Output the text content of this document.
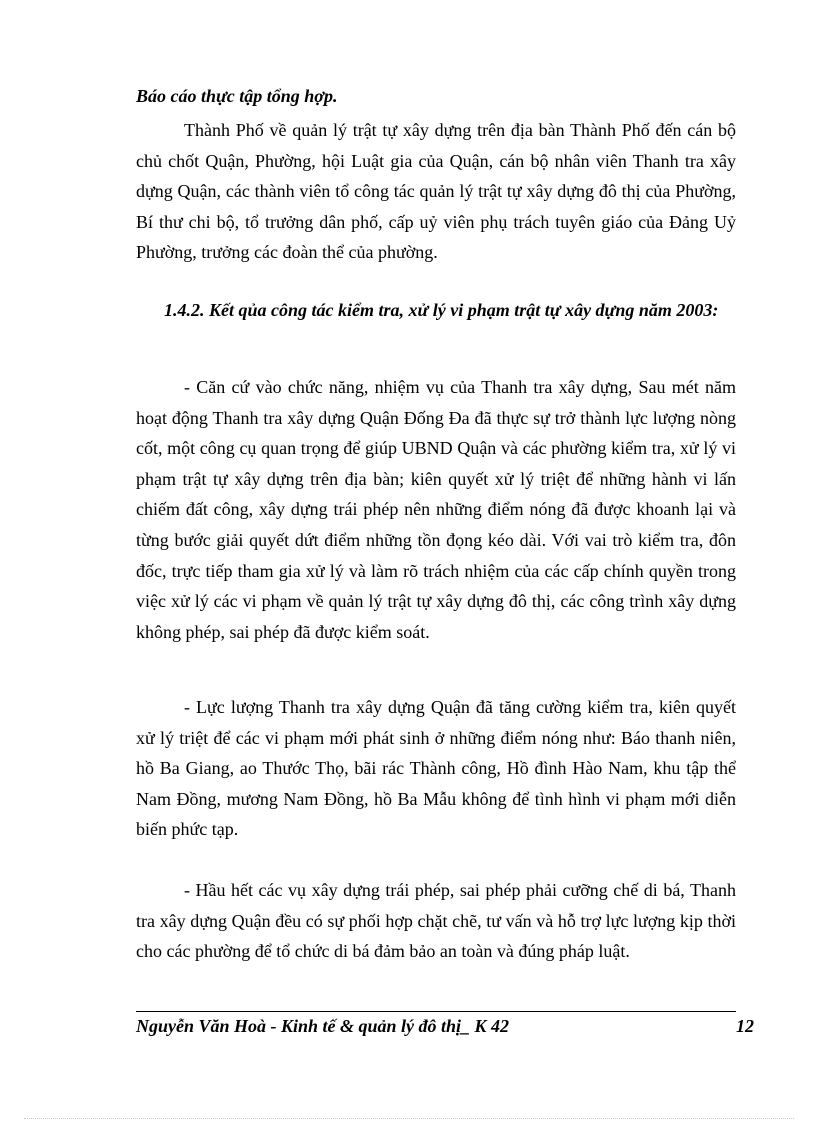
Báo cáo thực tập tổng hợp.

Thành Phố về quản lý trật tự xây dựng trên địa bàn Thành Phố đến cán bộ chủ chốt Quận, Phường, hội Luật gia của Quận, cán bộ nhân viên Thanh tra xây dựng Quận, các thành viên tổ công tác quản lý trật tự xây dựng đô thị của Phường, Bí thư chi bộ, tổ trưởng dân phố, cấp uỷ viên phụ trách tuyên giáo của Đảng Uỷ Phường, trưởng các đoàn thể của phường.

1.4.2. Kết qủa công tác kiểm tra, xử lý vi phạm trật tự xây dựng năm 2003:

- Căn cứ vào chức năng, nhiệm vụ của Thanh tra xây dựng, Sau mét năm hoạt động Thanh tra xây dựng Quận Đống Đa đã thực sự trở thành lực lượng nòng cốt, một công cụ quan trọng để giúp UBND Quận và các phường kiểm tra, xử lý vi phạm trật tự xây dựng trên địa bàn; kiên quyết xử lý triệt để những hành vi lấn chiếm đất công, xây dựng trái phép nên những điểm nóng đã được khoanh lại và từng bước giải quyết dứt điểm những tồn đọng kéo dài. Với vai trò kiểm tra, đôn đốc, trực tiếp tham gia xử lý và làm rõ trách nhiệm của các cấp chính quyền trong việc xử lý các vi phạm về quản lý trật tự xây dựng đô thị, các công trình xây dựng không phép, sai phép đã được kiểm soát.

- Lực lượng Thanh tra xây dựng Quận đã tăng cường kiểm tra, kiên quyết xử lý triệt để các vi phạm mới phát sinh ở những điểm nóng như: Báo thanh niên, hồ Ba Giang, ao Thước Thọ, bãi rác Thành công, Hồ đình Hào Nam, khu tập thể Nam Đồng, mương Nam Đồng, hồ Ba Mẫu không để tình hình vi phạm mới diễn biến phức tạp.

- Hầu hết các vụ xây dựng trái phép, sai phép phải cưỡng chế di bá, Thanh tra xây dựng Quận đều có sự phối hợp chặt chẽ, tư vấn và hỗ trợ lực lượng kịp thời cho các phường để tổ chức di bá đảm bảo an toàn và đúng pháp luật.

Nguyễn Văn Hoà - Kinh tế & quản lý đô thị_ K 42	12
